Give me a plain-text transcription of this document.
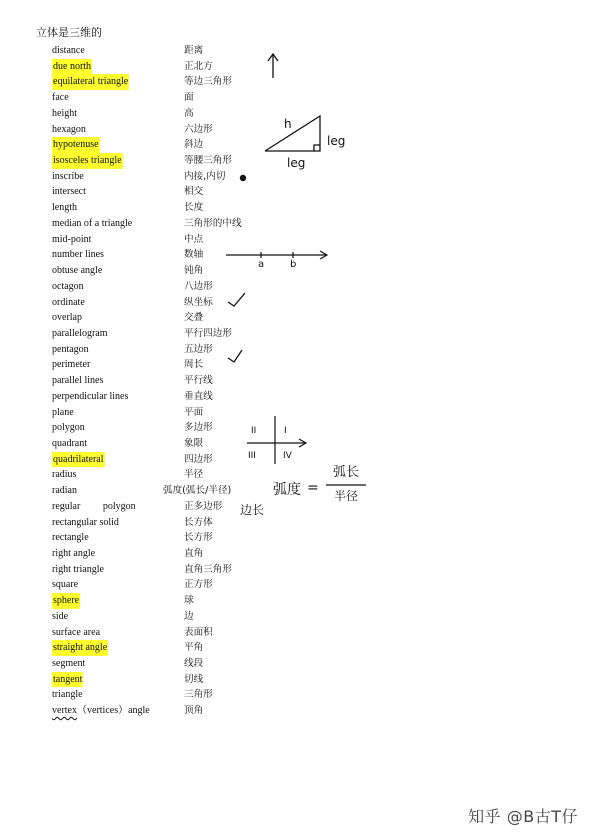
立体是三维的
distance	距离
due north	正北方
equilateral triangle	等边三角形
face	面
height	高
hexagon	六边形
hypotenuse	斜边
isosceles triangle	等腰三角形
inscribe	内接,内切
intersect	相交
length	长度
median of a triangle	三角形的中线
mid-point	中点
number lines	数轴
obtuse angle	钝角
octagon	八边形
ordinate	纵坐标
overlap	交叠
parallelogram	平行四边形
pentagon	五边形
perimeter	周长
parallel lines	平行线
perpendicular lines	垂直线
plane	平面
polygon	多边形
quadrant	象限
quadrilateral	四边形
radius	半径
radian	弧度(弧长/半径)
regular polygon	正多边形
rectangular solid	长方体
rectangle	长方形
right angle	直角
right triangle	直角三角形
square	正方形
sphere	球
side	边
surface area	表面积
straight angle	平角
segment	线段
tangent	切线
triangle	三角形
vertex（vertices）angle	顶角
h
leg
leg
a	b
II	I
III	IV
弧度 =
弧长
半径
边长
知乎 @B古T仔
